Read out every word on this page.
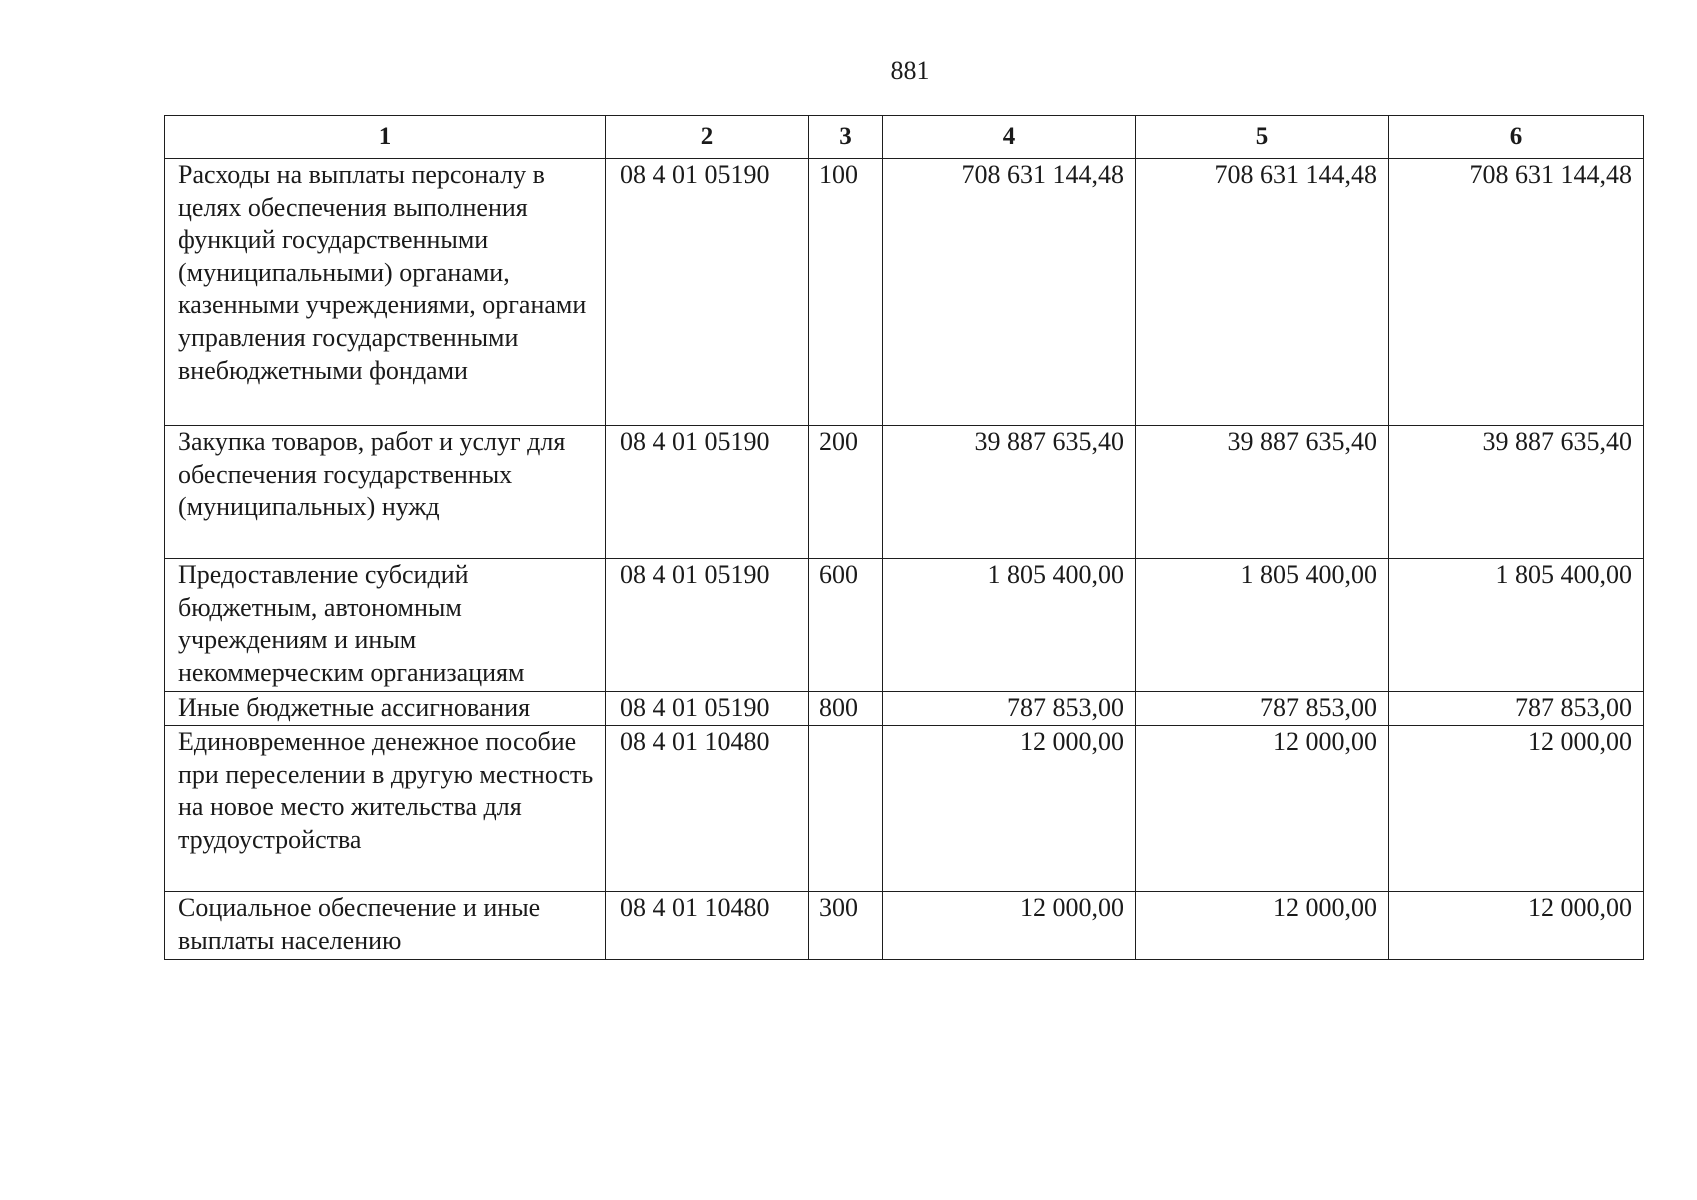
881
1	2	3	4	5	6
Расходы на выплаты персоналу в целях обеспечения выполнения функций государственными (муниципальными) органами, казенными учреждениями, органами управления государственными внебюджетными фондами	08 4 01 05190	100	708 631 144,48	708 631 144,48	708 631 144,48
Закупка товаров, работ и услуг для обеспечения государственных (муниципальных) нужд	08 4 01 05190	200	39 887 635,40	39 887 635,40	39 887 635,40
Предоставление субсидий бюджетным, автономным учреждениям и иным некоммерческим организациям	08 4 01 05190	600	1 805 400,00	1 805 400,00	1 805 400,00
Иные бюджетные ассигнования	08 4 01 05190	800	787 853,00	787 853,00	787 853,00
Единовременное денежное пособие при переселении в другую местность на новое место жительства для трудоустройства	08 4 01 10480		12 000,00	12 000,00	12 000,00
Социальное обеспечение и иные выплаты населению	08 4 01 10480	300	12 000,00	12 000,00	12 000,00
